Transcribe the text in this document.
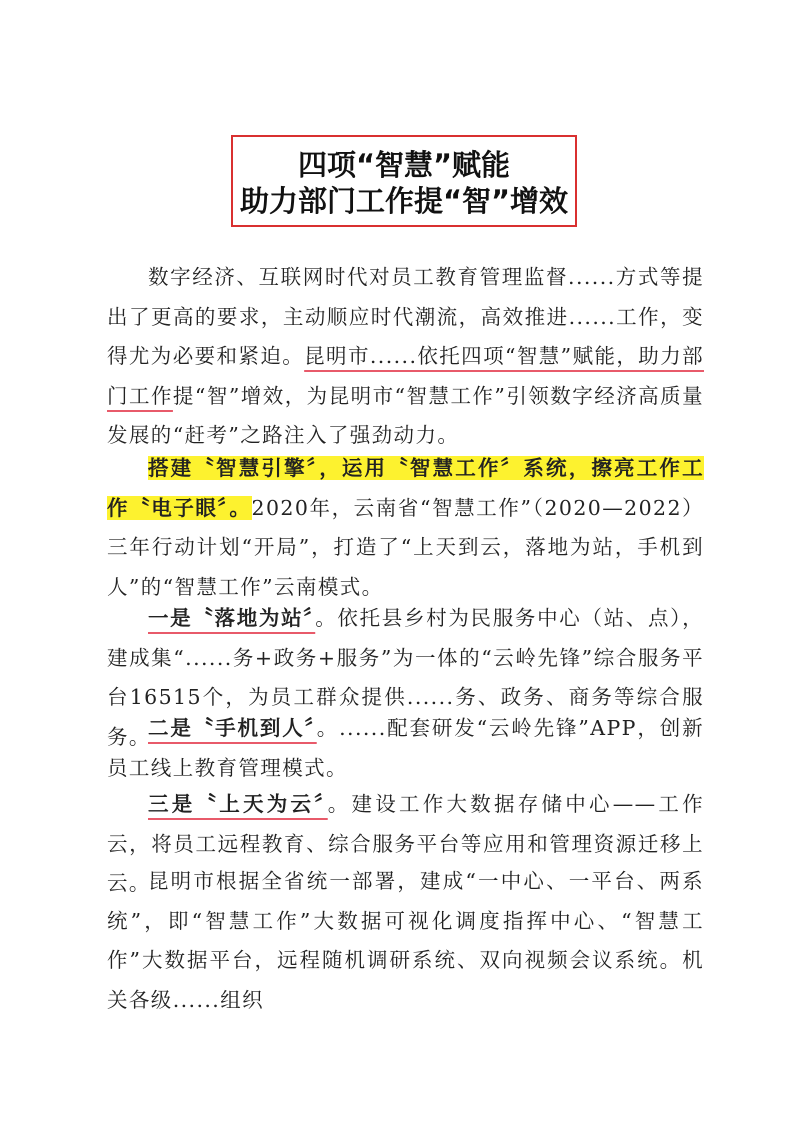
四项“智慧”赋能
助力部门工作提“智”增效

数字经济、互联网时代对员工教育管理监督......方式等提出了更高的要求，主动顺应时代潮流，高效推进......工作，变得尤为必要和紧迫。昆明市......依托四项“智慧”赋能，助力部门工作提“智”增效，为昆明市“智慧工作”引领数字经济高质量发展的“赶考”之路注入了强劲动力。

搭建〝智慧引擎〞，运用〝智慧工作〞系统，擦亮工作工作〝电子眼〞。2020年，云南省“智慧工作”（2020—2022）三年行动计划“开局”，打造了“上天到云，落地为站，手机到人”的“智慧工作”云南模式。

一是〝落地为站〞。依托县乡村为民服务中心（站、点），建成集“......务+政务+服务”为一体的“云岭先锋”综合服务平台16515个，为员工群众提供......务、政务、商务等综合服务。

二是〝手机到人〞。......配套研发“云岭先锋”APP，创新员工线上教育管理模式。

三是〝上天为云〞。建设工作大数据存储中心——工作云，将员工远程教育、综合服务平台等应用和管理资源迁移上云。

昆明市根据全省统一部署，建成“一中心、一平台、两系统”，即“智慧工作”大数据可视化调度指挥中心、“智慧工作”大数据平台，远程随机调研系统、双向视频会议系统。机关各级......组织
